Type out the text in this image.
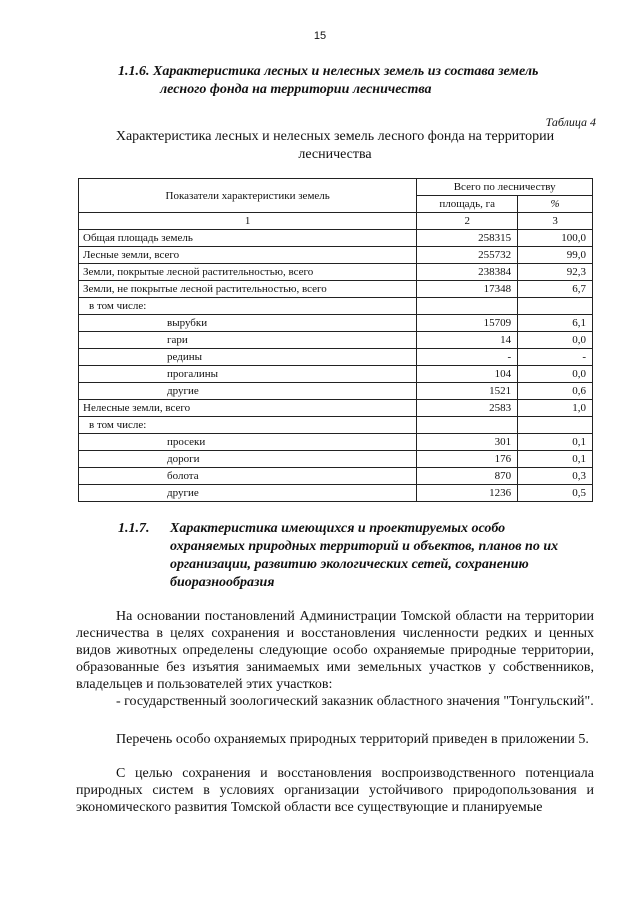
15
1.1.6. Характеристика лесных и нелесных земель из состава земель
лесного фонда на территории лесничества
Таблица 4
Характеристика лесных и нелесных земель лесного фонда на территории лесничества
Показатели характеристики земель	Всего по лесничеству	
	площадь, га	%
1	2	3
Общая площадь земель	258315	100,0
Лесные земли, всего	255732	99,0
Земли, покрытые лесной растительностью, всего	238384	92,3
Земли, не покрытые лесной растительностью, всего	17348	6,7
в том числе:		
вырубки	15709	6,1
гари	14	0,0
редины	-	-
прогалины	104	0,0
другие	1521	0,6
Нелесные земли, всего	2583	1,0
в том числе:		
просеки	301	0,1
дороги	176	0,1
болота	870	0,3
другие	1236	0,5
1.1.7. Характеристика имеющихся и проектируемых особо
охраняемых природных территорий и объектов, планов по их
организации, развитию экологических сетей, сохранению
биоразнообразия

На основании постановлений Администрации Томской области на территории лесничества в целях сохранения и восстановления численности редких и ценных видов животных определены следующие особо охраняемые природные территории, образованные без изъятия занимаемых ими земельных участков у собственников, владельцев и пользователей этих участков:

- государственный зоологический заказник областного значения "Тонгульский".

Перечень особо охраняемых природных территорий приведен в приложении 5.

С целью сохранения и восстановления воспроизводственного потенциала природных систем в условиях организации устойчивого природопользования и экономического развития Томской области все существующие и планируемые
